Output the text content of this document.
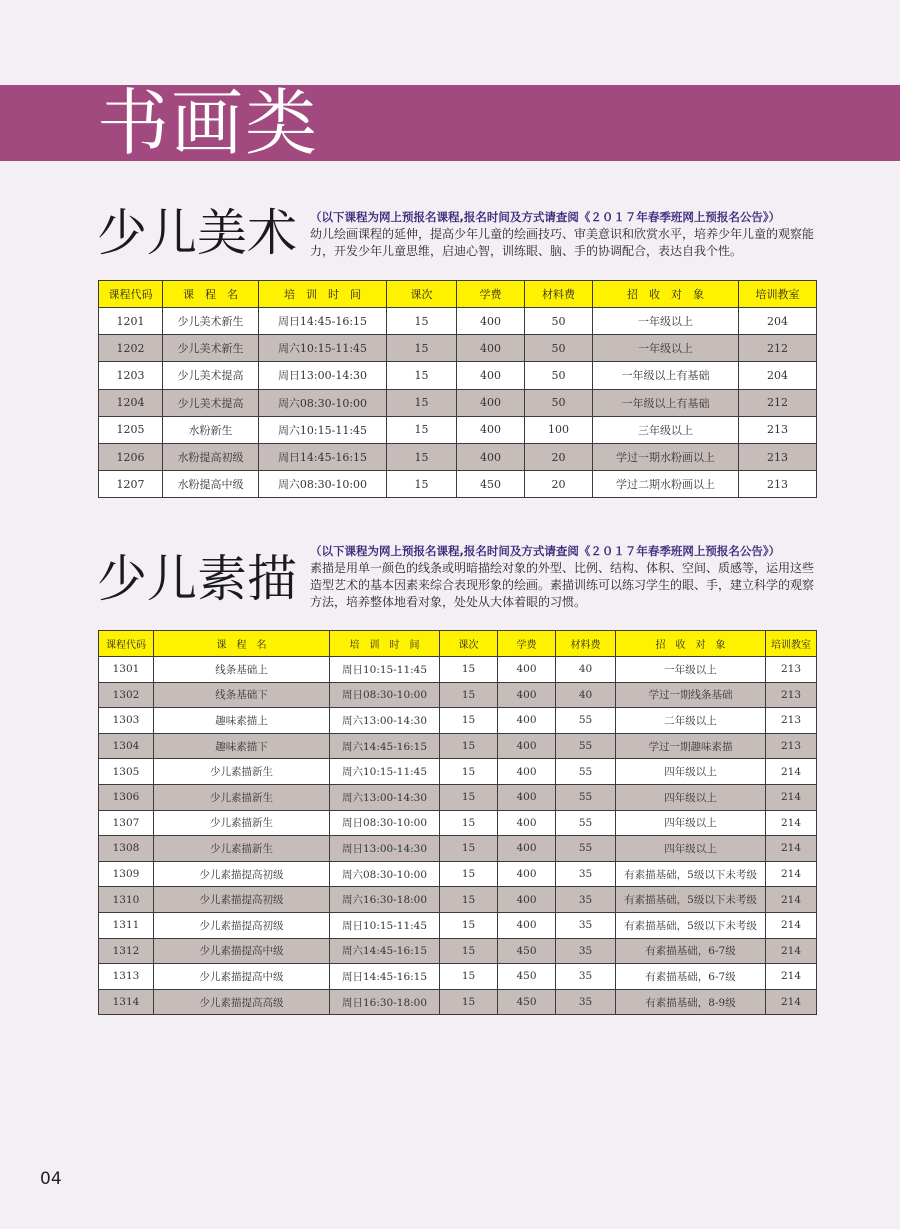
书画类
少儿美术 （以下课程为网上预报名课程,报名时间及方式请查阅《２０１７年春季班网上预报名公告》）
幼儿绘画课程的延伸，提高少年儿童的绘画技巧、审美意识和欣赏水平，培养少年儿童的观察能力，开发少年儿童思维，启迪心智，训练眼、脑、手的协调配合，表达自我个性。
课程代码	课　程　名	培　训　时　间	课次	学费	材料费	招　收　对　象	培训教室
1201	少儿美术新生	周日14:45-16:15	15	400	50	一年级以上	204
1202	少儿美术新生	周六10:15-11:45	15	400	50	一年级以上	212
1203	少儿美术提高	周日13:00-14:30	15	400	50	一年级以上有基础	204
1204	少儿美术提高	周六08:30-10:00	15	400	50	一年级以上有基础	212
1205	水粉新生	周六10:15-11:45	15	400	100	三年级以上	213
1206	水粉提高初级	周日14:45-16:15	15	400	20	学过一期水粉画以上	213
1207	水粉提高中级	周六08:30-10:00	15	450	20	学过二期水粉画以上	213
少儿素描 （以下课程为网上预报名课程,报名时间及方式请查阅《２０１７年春季班网上预报名公告》）
素描是用单一颜色的线条或明暗描绘对象的外型、比例、结构、体积、空间、质感等，运用这些造型艺术的基本因素来综合表现形象的绘画。素描训练可以练习学生的眼、手，建立科学的观察方法，培养整体地看对象，处处从大体着眼的习惯。
课程代码	课　程　名	培　训　时　间	课次	学费	材料费	招　收　对　象	培训教室
1301	线条基础上	周日10:15-11:45	15	400	40	一年级以上	213
1302	线条基础下	周日08:30-10:00	15	400	40	学过一期线条基础	213
1303	趣味素描上	周六13:00-14:30	15	400	55	二年级以上	213
1304	趣味素描下	周六14:45-16:15	15	400	55	学过一期趣味素描	213
1305	少儿素描新生	周六10:15-11:45	15	400	55	四年级以上	214
1306	少儿素描新生	周六13:00-14:30	15	400	55	四年级以上	214
1307	少儿素描新生	周日08:30-10:00	15	400	55	四年级以上	214
1308	少儿素描新生	周日13:00-14:30	15	400	55	四年级以上	214
1309	少儿素描提高初级	周六08:30-10:00	15	400	35	有素描基础，5级以下未考级	214
1310	少儿素描提高初级	周六16:30-18:00	15	400	35	有素描基础，5级以下未考级	214
1311	少儿素描提高初级	周日10:15-11:45	15	400	35	有素描基础，5级以下未考级	214
1312	少儿素描提高中级	周六14:45-16:15	15	450	35	有素描基础，6-7级	214
1313	少儿素描提高中级	周日14:45-16:15	15	450	35	有素描基础，6-7级	214
1314	少儿素描提高高级	周日16:30-18:00	15	450	35	有素描基础，8-9级	214
04
